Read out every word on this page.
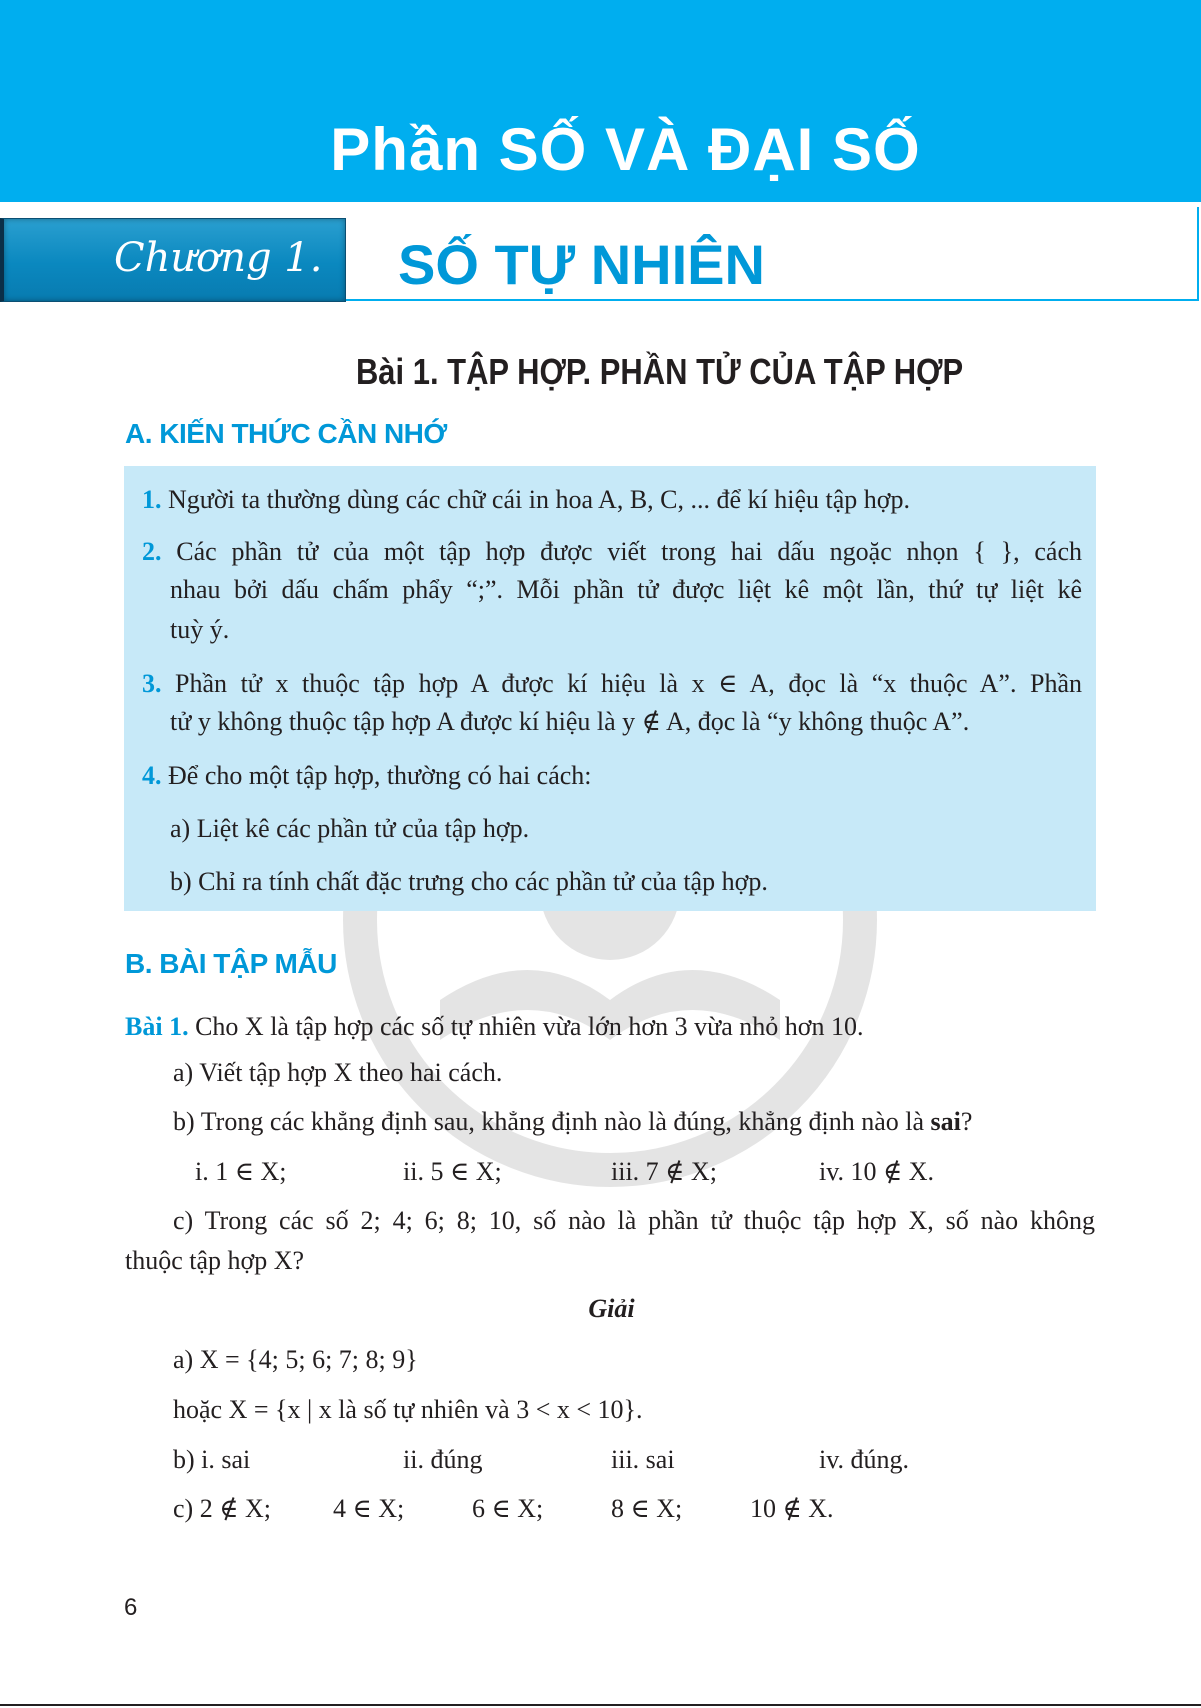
Phần SỐ VÀ ĐẠI SỐ
Chương 1.	SỐ TỰ NHIÊN
Bài 1. TẬP HỢP. PHẦN TỬ CỦA TẬP HỢP
A. KIẾN THỨC CẦN NHỚ
1. Người ta thường dùng các chữ cái in hoa A, B, C, ... để kí hiệu tập hợp.
2. Các phần tử của một tập hợp được viết trong hai dấu ngoặc nhọn { }, cách
nhau bởi dấu chấm phẩy “;”. Mỗi phần tử được liệt kê một lần, thứ tự liệt kê
tuỳ ý.
3. Phần tử x thuộc tập hợp A được kí hiệu là x ∈ A, đọc là “x thuộc A”. Phần
tử y không thuộc tập hợp A được kí hiệu là y ∉ A, đọc là “y không thuộc A”.
4. Để cho một tập hợp, thường có hai cách:
a) Liệt kê các phần tử của tập hợp.
b) Chỉ ra tính chất đặc trưng cho các phần tử của tập hợp.
B. BÀI TẬP MẪU
Bài 1. Cho X là tập hợp các số tự nhiên vừa lớn hơn 3 vừa nhỏ hơn 10.
a) Viết tập hợp X theo hai cách.
b) Trong các khẳng định sau, khẳng định nào là đúng, khẳng định nào là sai?
i. 1 ∈ X;	ii. 5 ∈ X;	iii. 7 ∉ X;	iv. 10 ∉ X.
c) Trong các số 2; 4; 6; 8; 10, số nào là phần tử thuộc tập hợp X, số nào không
thuộc tập hợp X?
Giải
a) X = {4; 5; 6; 7; 8; 9}
hoặc X = {x | x là số tự nhiên và 3 < x < 10}.
b) i. sai	ii. đúng	iii. sai	iv. đúng.
c) 2 ∉ X; 4 ∈ X;	6 ∈ X;	8 ∈ X;	10 ∉ X.
6
